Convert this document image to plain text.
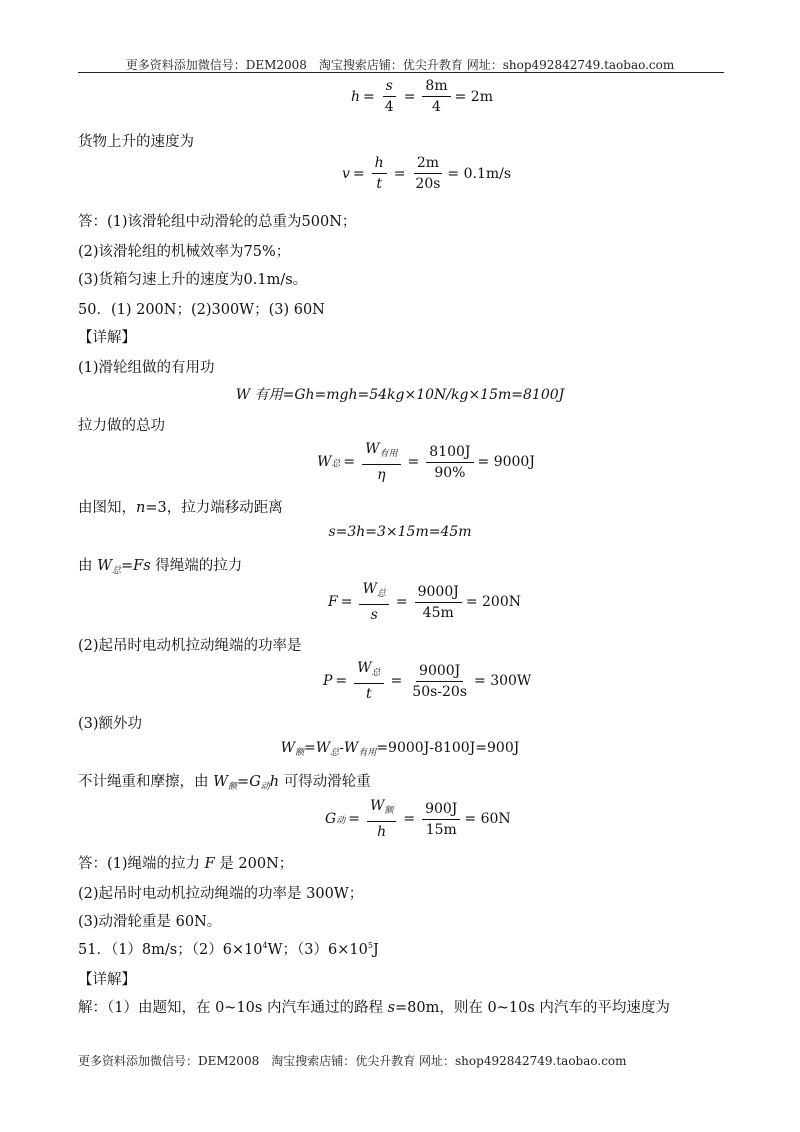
更多资料添加微信号：DEM2008　淘宝搜索店铺：优尖升教育 网址：shop492842749.taobao.com
$h = \frac{s}{4} = \frac{8m}{4} = 2m$
货物上升的速度为
$v = \frac{h}{t} = \frac{2m}{20s} = 0.1m/s$
答：(1)该滑轮组中动滑轮的总重为500N；
(2)该滑轮组的机械效率为75%；
(3)货箱匀速上升的速度为0.1m/s。
50．(1) 200N；(2)300W；(3) 60N
【详解】
(1)滑轮组做的有用功
W 有用=Gh=mgh=54kg×10N/kg×15m=8100J
拉力做的总功
W 总 = $\frac{W_{有用}}{\eta} = \frac{8100J}{90\%} = 9000J$
由图知，n=3，拉力端移动距离
s=3h=3×15m=45m
由 $W_总=Fs$ 得绳端的拉力
$F = \frac{W_总}{s} = \frac{9000J}{45m} = 200N$
(2)起吊时电动机拉动绳端的功率是
$P = \frac{W_总}{t} = \frac{9000J}{50s-20s} = 300W$
(3)额外功
$W_额=W_总-W_{有用}=9000J-8100J=900J$
不计绳重和摩擦，由 $W_额=G_动h$ 可得动滑轮重
G 动 = $\frac{W_额}{h} = \frac{900J}{15m} = 60N$
答：(1)绳端的拉力 F 是 200N；
(2)起吊时电动机拉动绳端的功率是 300W；
(3)动滑轮重是 60N。
51．（1）8m/s；$(2)6\times 10^4W$；$(3)6\times 10^5J$
【详解】
解：（1）由题知，在 0~10s 内汽车通过的路程 s=80m，则在 0~10s 内汽车的平均速度为
更多资料添加微信号：DEM2008　淘宝搜索店铺：优尖升教育 网址：shop492842749.taobao.com
